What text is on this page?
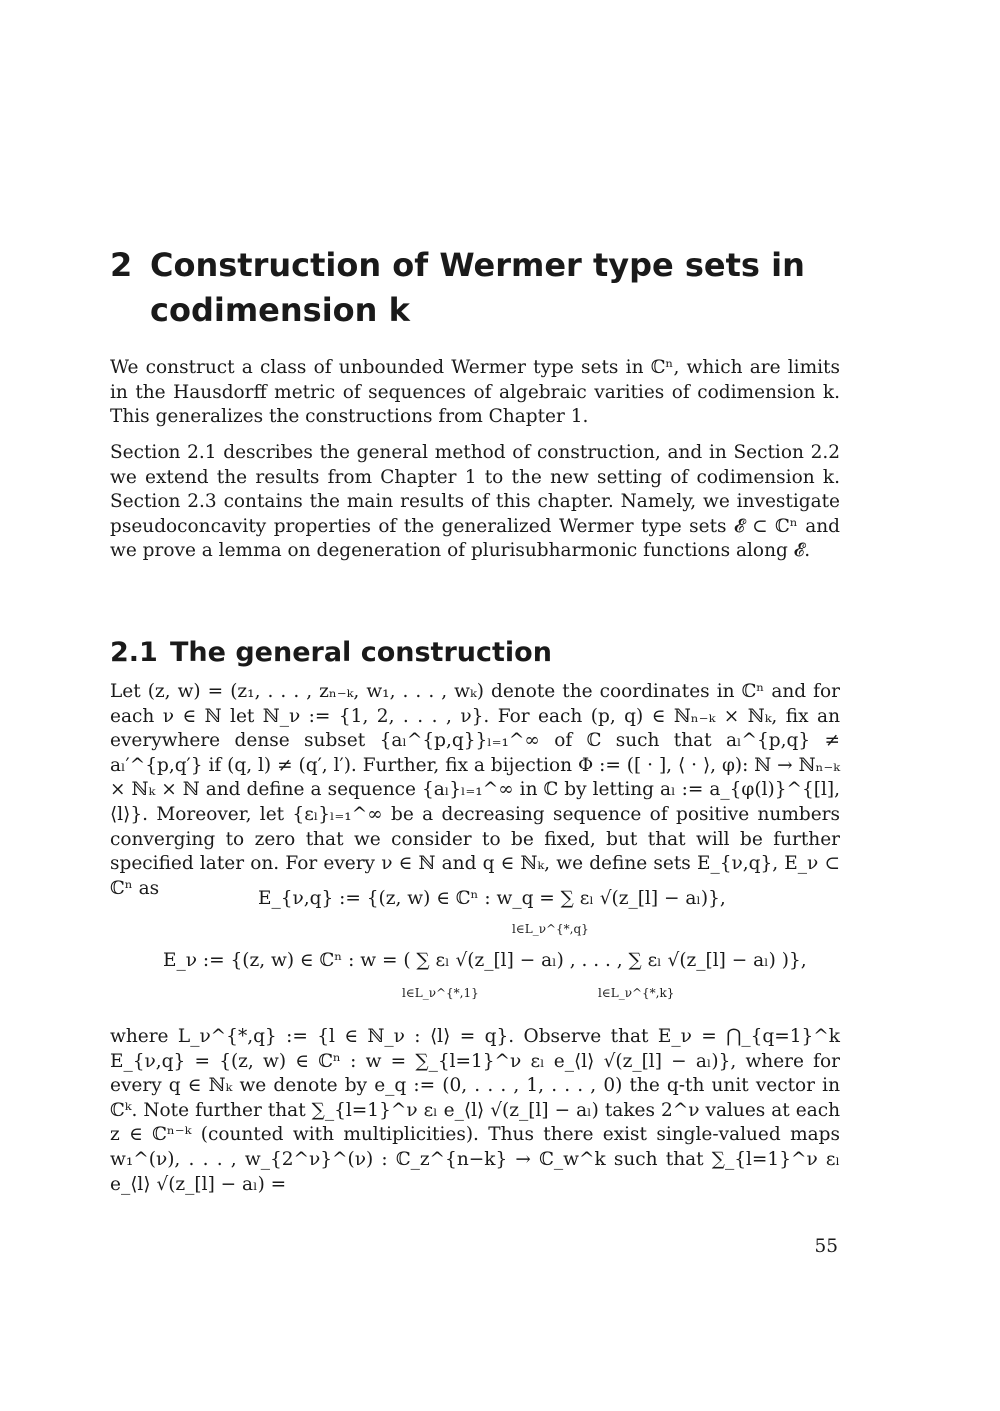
2 Construction of Wermer type sets in codimension k

We construct a class of unbounded Wermer type sets in ℂⁿ, which are limits in the Hausdorff metric of sequences of algebraic varities of codimension k. This generalizes the constructions from Chapter 1.

Section 2.1 describes the general method of construction, and in Section 2.2 we extend the results from Chapter 1 to the new setting of codimension k. Section 2.3 contains the main results of this chapter. Namely, we investigate pseudoconcavity properties of the generalized Wermer type sets 𝓔 ⊂ ℂⁿ and we prove a lemma on degeneration of plurisubharmonic functions along 𝓔.

2.1 The general construction

Let (z, w) = (z₁, . . . , zₙ₋ₖ, w₁, . . . , wₖ) denote the coordinates in ℂⁿ and for each ν ∈ ℕ let ℕ_ν := {1, 2, . . . , ν}. For each (p, q) ∈ ℕₙ₋ₖ × ℕₖ, fix an everywhere dense subset {aₗ^{p,q}}ₗ₌₁^∞ of ℂ such that aₗ^{p,q} ≠ aₗ′^{p,q′} if (q, l) ≠ (q′, l′). Further, fix a bijection Φ := ([ · ], ⟨ · ⟩, φ): ℕ → ℕₙ₋ₖ × ℕₖ × ℕ and define a sequence {aₗ}ₗ₌₁^∞ in ℂ by letting aₗ := a_{φ(l)}^{[l],⟨l⟩}. Moreover, let {εₗ}ₗ₌₁^∞ be a decreasing sequence of positive numbers converging to zero that we consider to be fixed, but that will be further specified later on. For every ν ∈ ℕ and q ∈ ℕₖ, we define sets E_{ν,q}, E_ν ⊂ ℂⁿ as	E_{ν,q} := {(z, w) ∈ ℂⁿ : w_q = ∑ εₗ √(z_[l] − aₗ)},
l∈L_ν^{*,q}
E_ν := {(z, w) ∈ ℂⁿ : w = ( ∑ εₗ √(z_[l] − aₗ) , . . . , ∑ εₗ √(z_[l] − aₗ) )},
l∈L_ν^{*,1}	l∈L_ν^{*,k}

where L_ν^{*,q} := {l ∈ ℕ_ν : ⟨l⟩ = q}. Observe that E_ν = ⋂_{q=1}^k E_{ν,q} = {(z, w) ∈ ℂⁿ : w = ∑_{l=1}^ν εₗ e_⟨l⟩ √(z_[l] − aₗ)}, where for every q ∈ ℕₖ we denote by e_q := (0, . . . , 1, . . . , 0) the q-th unit vector in ℂᵏ. Note further that ∑_{l=1}^ν εₗ e_⟨l⟩ √(z_[l] − aₗ) takes 2^ν values at each z ∈ ℂⁿ⁻ᵏ (counted with multiplicities). Thus there exist single-valued maps w₁^(ν), . . . , w_{2^ν}^(ν) : ℂ_z^{n−k} → ℂ_w^k such that ∑_{l=1}^ν εₗ e_⟨l⟩ √(z_[l] − aₗ) =

55
